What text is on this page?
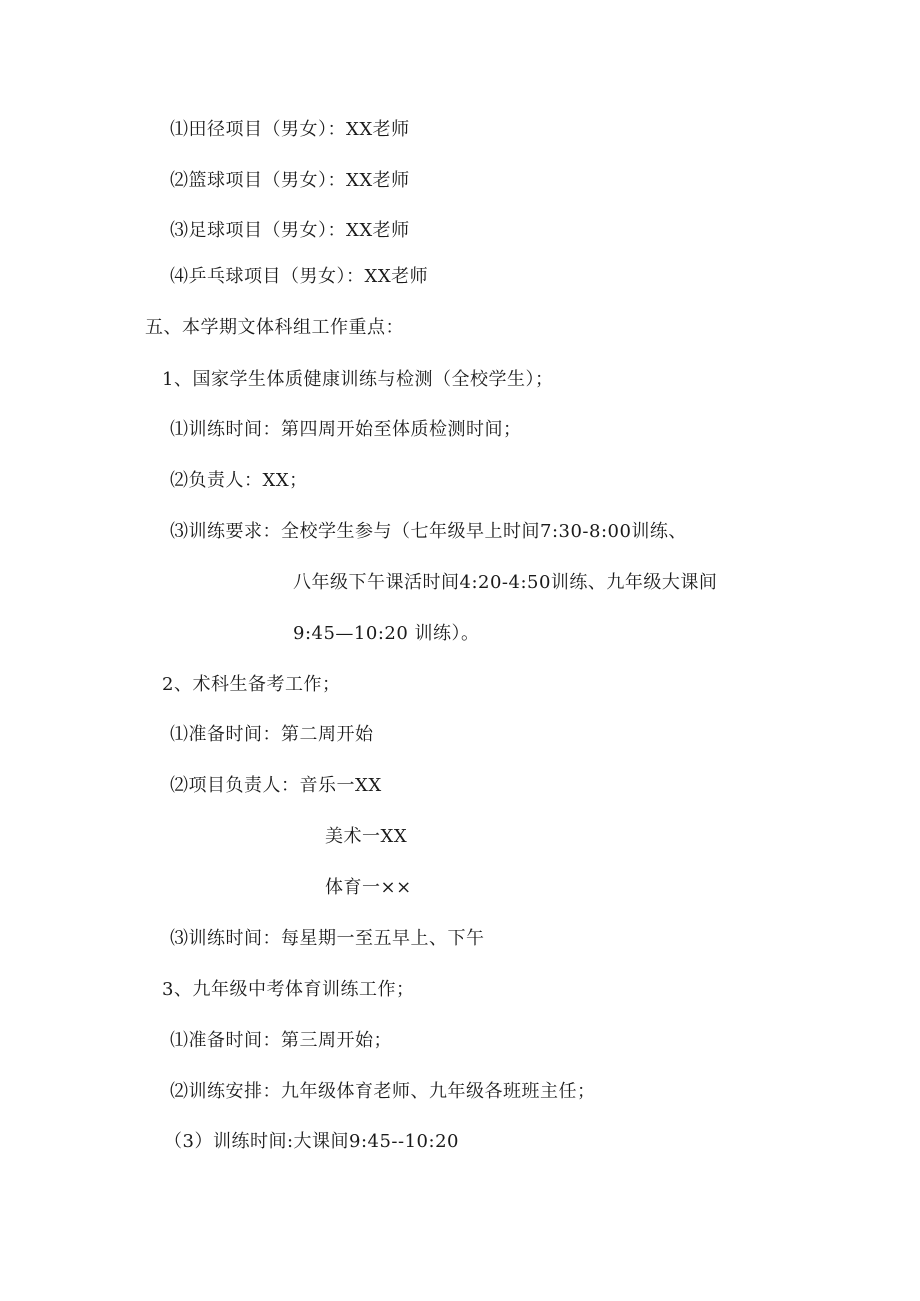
⑴田径项目（男女）：XX老师
⑵篮球项目（男女）：XX老师
⑶足球项目（男女）：XX老师
⑷乒乓球项目（男女）：XX老师
五、本学期文体科组工作重点：
1、国家学生体质健康训练与检测（全校学生）；
⑴训练时间：第四周开始至体质检测时间；
⑵负责人：XX；
⑶训练要求：全校学生参与（七年级早上时间7:30-8:00训练、
八年级下午课活时间4:20-4:50训练、九年级大课间
9:45—10:20 训练）。
2、术科生备考工作；
⑴准备时间：第二周开始
⑵项目负责人：音乐一XX
美术一XX
体育一××
⑶训练时间：每星期一至五早上、下午
3、九年级中考体育训练工作；
⑴准备时间：第三周开始；
⑵训练安排：九年级体育老师、九年级各班班主任；
（3）训练时间:大课间9:45--10:20
